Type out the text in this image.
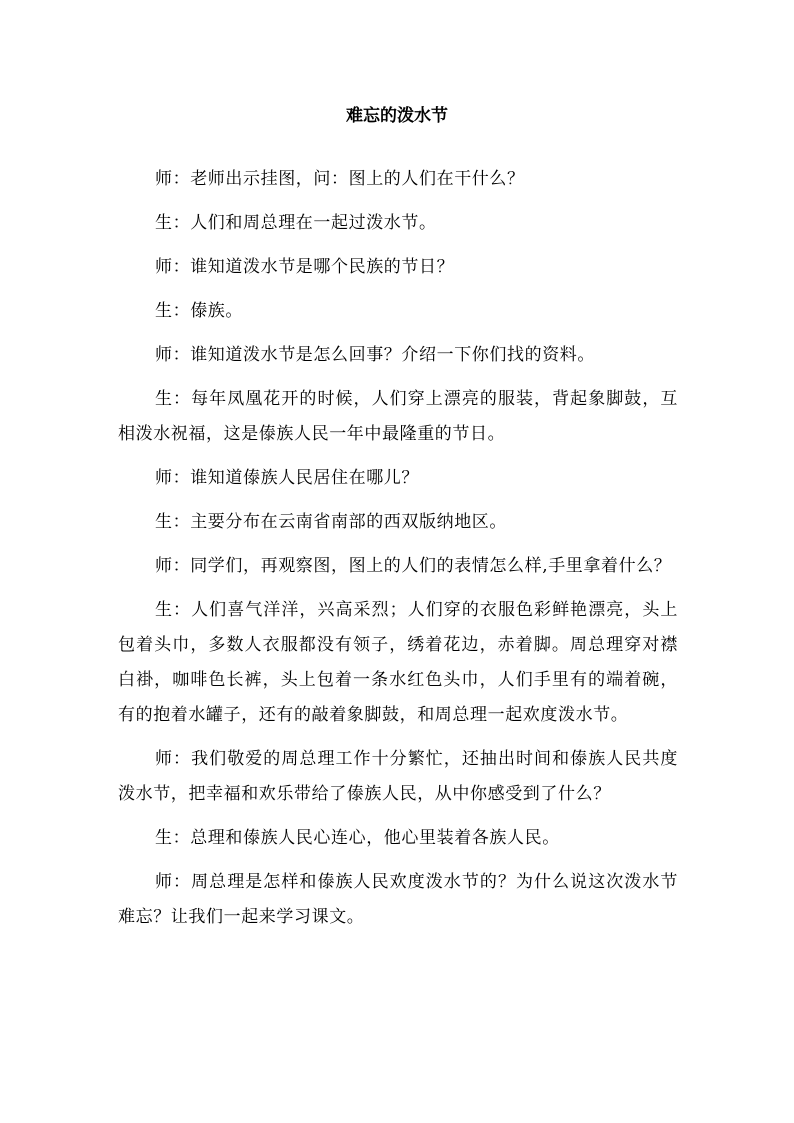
难忘的泼水节

师：老师出示挂图，问：图上的人们在干什么？

生：人们和周总理在一起过泼水节。

师：谁知道泼水节是哪个民族的节日？

生：傣族。

师：谁知道泼水节是怎么回事？介绍一下你们找的资料。

生：每年凤凰花开的时候，人们穿上漂亮的服装，背起象脚鼓，互相泼水祝福，这是傣族人民一年中最隆重的节日。

师：谁知道傣族人民居住在哪儿？

生：主要分布在云南省南部的西双版纳地区。

师：同学们，再观察图，图上的人们的表情怎么样,手里拿着什么？

生：人们喜气洋洋，兴高采烈；人们穿的衣服色彩鲜艳漂亮，头上包着头巾，多数人衣服都没有领子，绣着花边，赤着脚。周总理穿对襟白褂，咖啡色长裤，头上包着一条水红色头巾，人们手里有的端着碗，有的抱着水罐子，还有的敲着象脚鼓，和周总理一起欢度泼水节。

师：我们敬爱的周总理工作十分繁忙，还抽出时间和傣族人民共度泼水节，把幸福和欢乐带给了傣族人民，从中你感受到了什么？

生：总理和傣族人民心连心，他心里装着各族人民。

师：周总理是怎样和傣族人民欢度泼水节的？为什么说这次泼水节难忘？让我们一起来学习课文。
